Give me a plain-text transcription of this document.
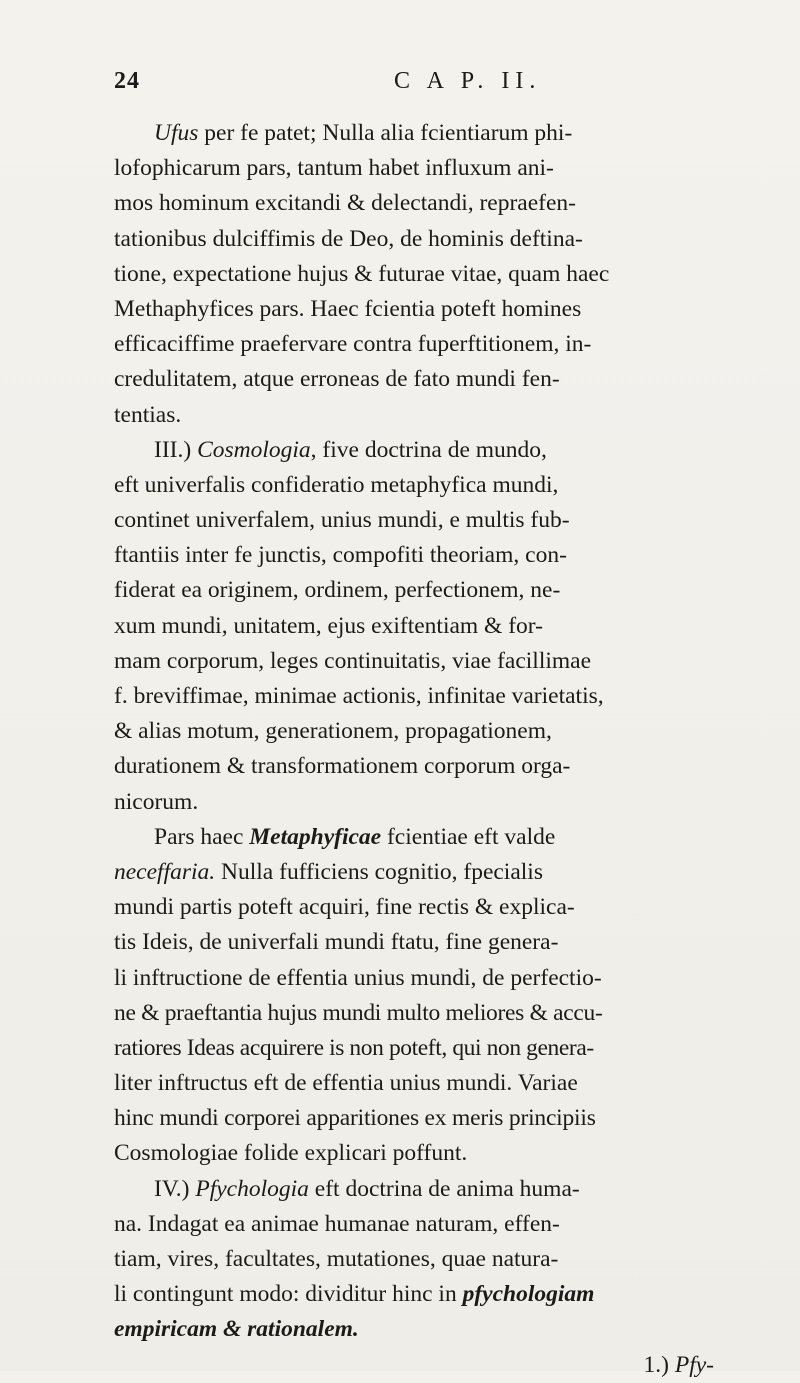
24	C A P. II.
Ufus per fe patet; Nulla alia fcientiarum phi-
lofophicarum pars, tantum habet influxum ani-
mos hominum excitandi & delectandi, repraefen-
tationibus dulciffimis de Deo, de hominis deftina-
tione, expectatione hujus & futurae vitae, quam haec
Methaphyfices pars. Haec fcientia poteft homines
efficaciffime praefervare contra fuperftitionem, in-
credulitatem, atque erroneas de fato mundi fen-
tentias.
III.) Cosmologia, five doctrina de mundo,
eft univerfalis confideratio metaphyfica mundi,
continet univerfalem, unius mundi, e multis fub-
ftantiis inter fe junctis, compofiti theoriam, con-
fiderat ea originem, ordinem, perfectionem, ne-
xum mundi, unitatem, ejus exiftentiam & for-
mam corporum, leges continuitatis, viae facillimae
f. breviffimae, minimae actionis, infinitae varietatis,
& alias motum, generationem, propagationem,
durationem & transformationem corporum orga-
nicorum.
Pars haec Metaphyficae fcientiae eft valde
neceffaria. Nulla fufficiens cognitio, fpecialis
mundi partis poteft acquiri, fine rectis & explica-
tis Ideis, de univerfali mundi ftatu, fine genera-
li inftructione de effentia unius mundi, de perfectio-
ne & praeftantia hujus mundi multo meliores & accu-
ratiores Ideas acquirere is non poteft, qui non genera-
liter inftructus eft de effentia unius mundi. Variae
hinc mundi corporei apparitiones ex meris principiis
Cosmologiae folide explicari poffunt.
IV.) Pfychologia eft doctrina de anima huma-
na. Indagat ea animae humanae naturam, effen-
tiam, vires, facultates, mutationes, quae natura-
li contingunt modo: dividitur hinc in pfychologiam
empiricam & rationalem.
1.) Pfy-
